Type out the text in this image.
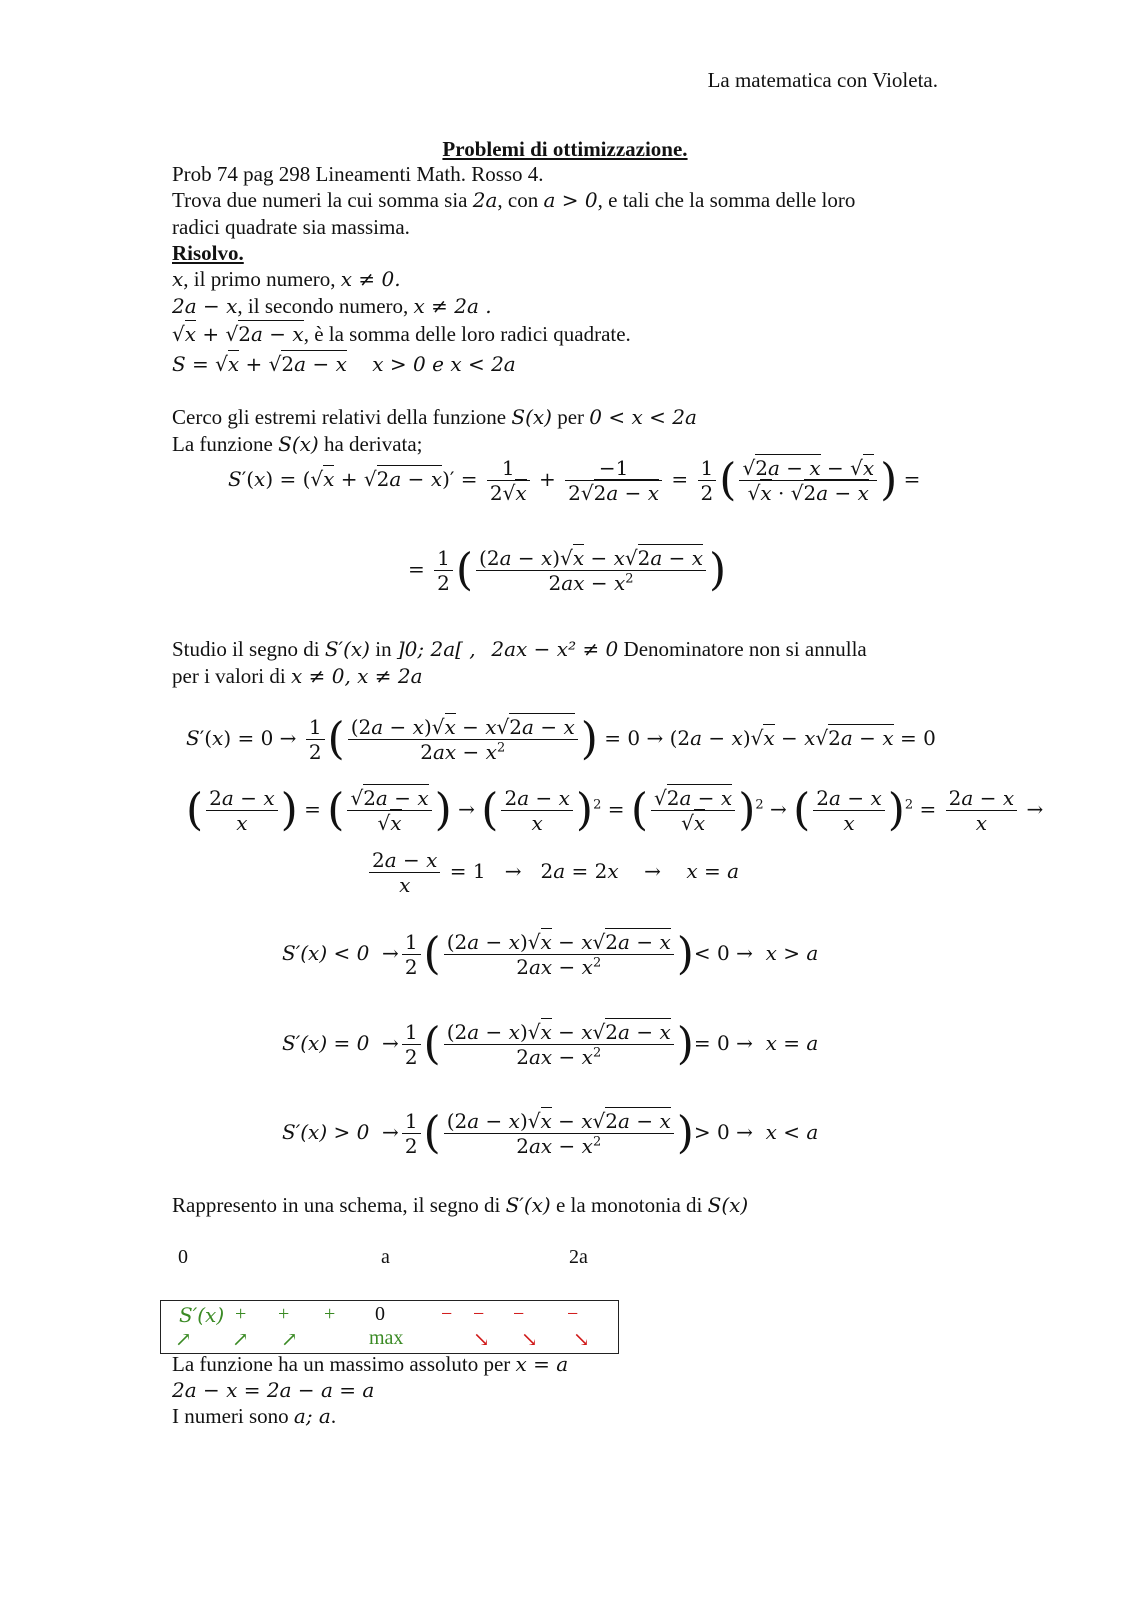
La matematica con Violeta.
Problemi di ottimizzazione.
Prob 74 pag 298 Lineamenti Math. Rosso 4.
Trova due numeri la cui somma sia 2a, con a > 0, e tali che la somma delle loro
radici quadrate sia massima.
Risolvo.
x, il primo numero, x ≠ 0.
2a − x, il secondo numero, x ≠ 2a .
√x + √2a − x, è la somma delle loro radici quadrate.
S = √x + √2a − x x > 0 e x < 2a
Cerco gli estremi relativi della funzione S(x) per 0 < x < 2a
La funzione S(x) ha derivata;
$S'(x) = (√x + √2a - x)' = \frac{1}{2√x} + \frac{-1}{2√2a - x} = \frac{1}{2}$ ( $\frac{√2a - x - √x}{√x \cdot √2a - x}$ ) =
= $\frac{1}{2}$ ( $\frac{(2a - x)√x - x√2a - x}{2ax - x^2}$ )
Studio il segno di S′(x) in ]0; 2a[ , 2ax − x² ≠ 0 Denominatore non si annulla
per i valori di x ≠ 0, x ≠ 2a
$S'(x) = 0 \to \frac{1}{2}$ ( $\frac{(2a - x)√x - x√2a - x}{2ax - x^2}$ ) = 0 → (2a − x)√x − x√2a − x = 0
( $\frac{2a - x}{x}$ ) = ( $\frac{√2a - x}{√x}$ ) → ( $\frac{2a - x}{x} )^2$ = ( $\frac{√2a - x}{√x} )^2$ → ( $\frac{2a - x}{x} )^2 = \frac{2a - x}{x}$ →
$\frac{2a - x}{x} = 1 \to 2a = 2x$    →    x = a
$S'(x) < 0 \to \frac{1}{2}$ ( $\frac{(2a - x)√x - x√2a - x}{2ax - x^2}$ )< 0 →  x > a
$S'(x) = 0 \to \frac{1}{2}$ ( $\frac{(2a - x)√x - x√2a - x}{2ax - x^2}$ )= 0 →  x = a
$S'(x) > 0 \to \frac{1}{2}$ ( $\frac{(2a - x)√x - x√2a - x}{2ax - x^2}$ )> 0 →  x < a
Rappresento in una schema, il segno di S′(x) e la monotonia di S(x)
0	a	2a
S′(x) + + + 0	− − − −
↗ ↗ ↗	max	↘ ↘ ↘
La funzione ha un massimo assoluto per x = a
2a − x = 2a − a = a
I numeri sono a; a.
